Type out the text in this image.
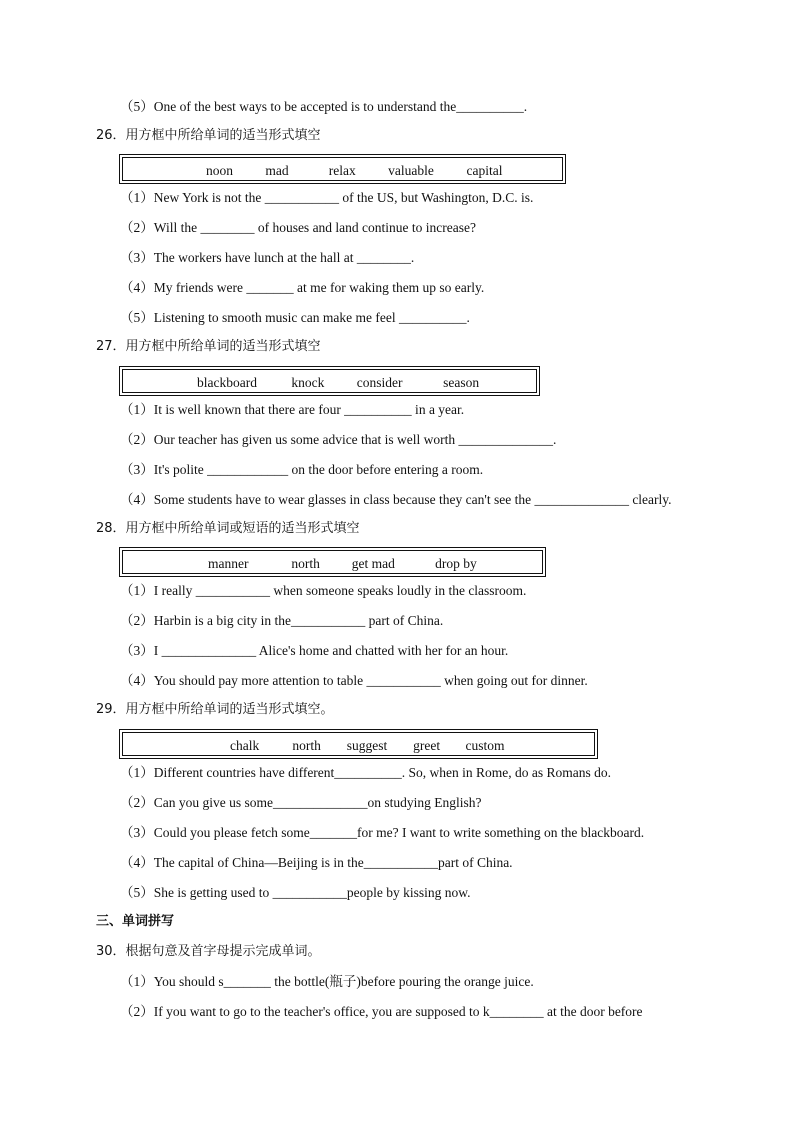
（5）One of the best ways to be accepted is to understand the__________.
26．用方框中所给单词的适当形式填空
noon mad	relax valuable capital
（1）New York is not the ___________ of the US, but Washington, D.C. is.
（2）Will the ________ of houses and land continue to increase?
（3）The workers have lunch at the hall at ________.
（4）My friends were _______ at me for waking them up so early.
（5）Listening to smooth music can make me feel __________.
27．用方框中所给单词的适当形式填空
blackboard	knock consider	season
（1）It is well known that there are four __________ in a year.
（2）Our teacher has given us some advice that is well worth ______________.
（3）It's polite ____________ on the door before entering a room.
（4）Some students have to wear glasses in class because they can't see the ______________ clearly.
28．用方框中所给单词或短语的适当形式填空
manner	north get mad	drop by
（1）I really ___________ when someone speaks loudly in the classroom.
（2）Harbin is a big city in the___________ part of China.
（3）I ______________ Alice's home and chatted with her for an hour.
（4）You should pay more attention to table ___________ when going out for dinner.
29．用方框中所给单词的适当形式填空。
chalk north suggest greet custom
（1）Different countries have different__________. So, when in Rome, do as Romans do.
（2）Can you give us some______________on studying English?
（3）Could you please fetch some_______for me? I want to write something on the blackboard.
（4）The capital of China—Beijing is in the___________part of China.
（5）She is getting used to ___________people by kissing now.
三、单词拼写
30．根据句意及首字母提示完成单词。
（1）You should s_______ the bottle(瓶子)before pouring the orange juice.
（2）If you want to go to the teacher's office, you are supposed to k________ at the door before
